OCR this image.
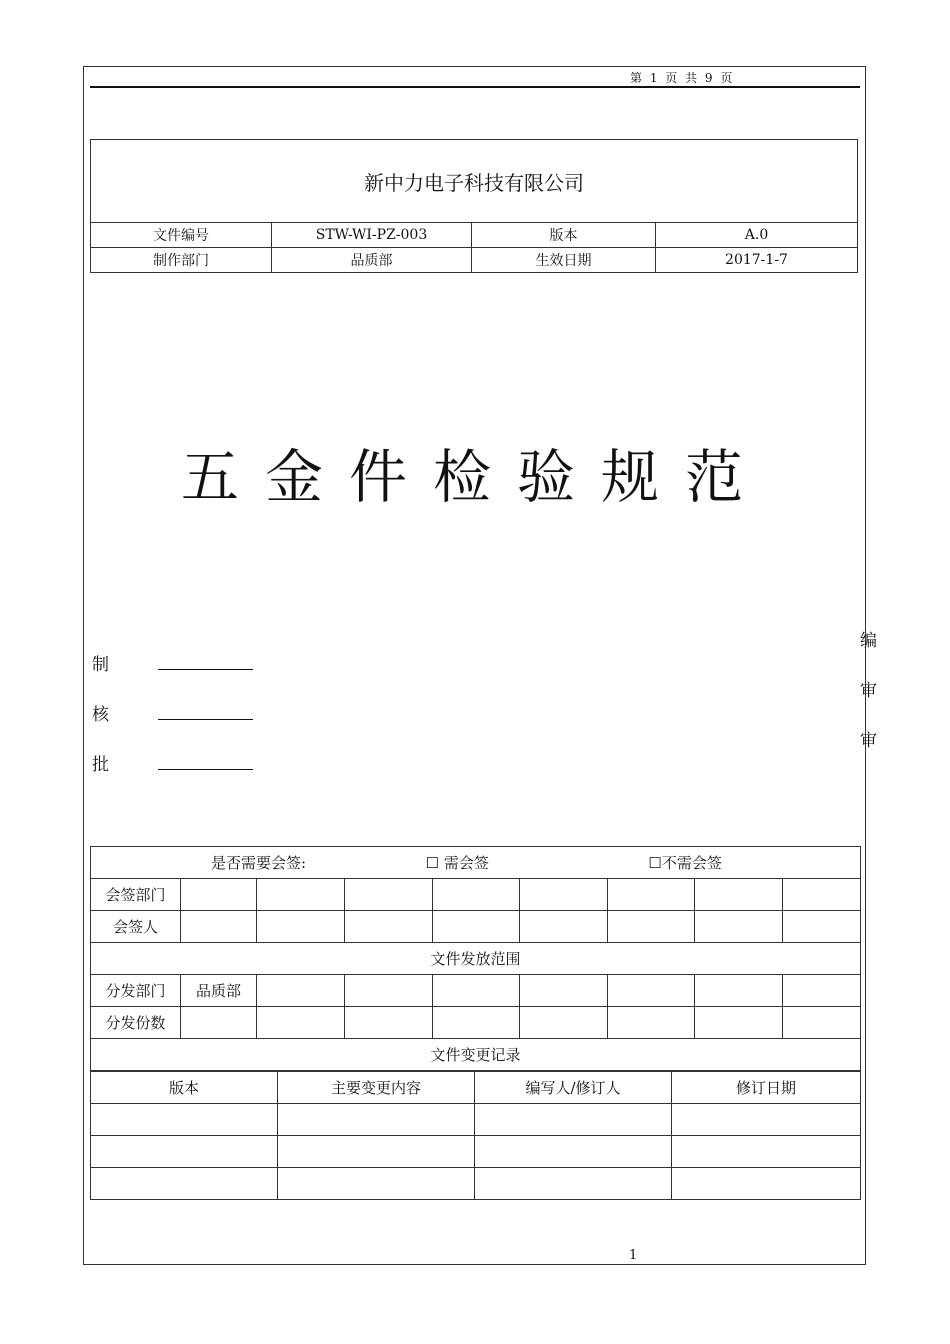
第 1 页 共 9 页
新中力电子科技有限公司			
文件编号	STW-WI-PZ-003	版本	A.0
制作部门	品质部	生效日期	2017-1-7
五金件检验规范
制
核
批
编
审
审
是否需要会签: ☐ 需会签 ☐不需会签								
会签部门								
会签人								
文件发放范围								
分发部门	品质部							
分发份数								
文件变更记录								
版本	主要变更内容	编写人/修订人	修订日期

1
